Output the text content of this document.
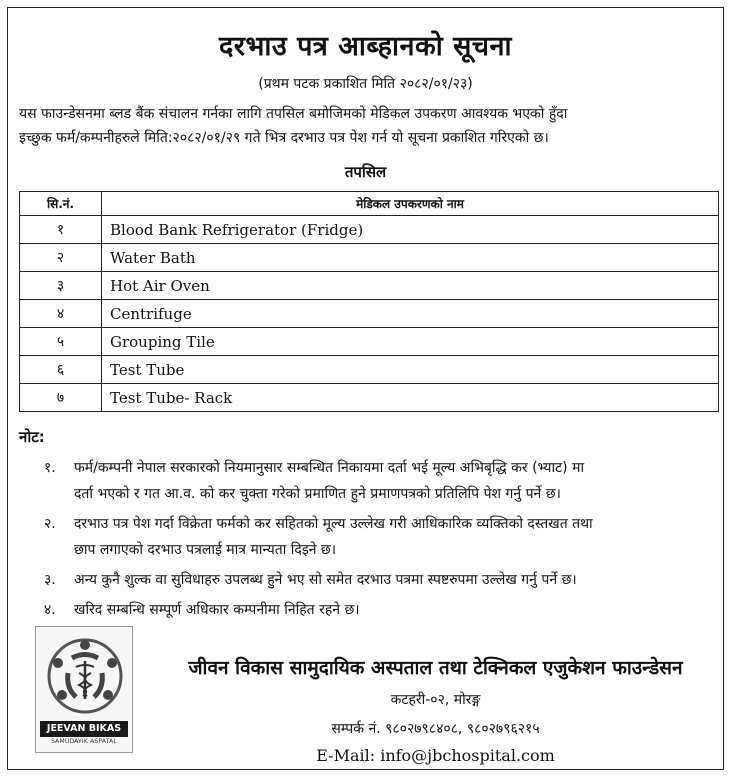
दरभाउ पत्र आब्हानको सूचना
(प्रथम पटक प्रकाशित मिति २०८२/०१/२३)
यस फाउन्डेसनमा ब्लड बैंक संचालन गर्नका लागि तपसिल बमोजिमको मेडिकल उपकरण आवश्यक भएको हुँदा
इच्छुक फर्म/कम्पनीहरुले मिति:२०८२/०१/२९ गते भित्र दरभाउ पत्र पेश गर्न यो सूचना प्रकाशित गरिएको छ।
तपसिल
सि.नं.	मेडिकल उपकरणको नाम
१	Blood Bank Refrigerator (Fridge)
२	Water Bath
३	Hot Air Oven
४	Centrifuge
५	Grouping Tile
६	Test Tube
७	Test Tube- Rack
नोट:
१.	फर्म/कम्पनी नेपाल सरकारको नियमानुसार सम्बन्धित निकायमा दर्ता भई मूल्य अभिबृद्धि कर (भ्याट) मा
दर्ता भएको र गत आ.व. को कर चुक्ता गरेको प्रमाणित हुने प्रमाणपत्रको प्रतिलिपि पेश गर्नु पर्ने छ।
२.	दरभाउ पत्र पेश गर्दा विक्रेता फर्मको कर सहितको मूल्य उल्लेख गरी आधिकारिक व्यक्तिको दस्तखत तथा
छाप लगाएको दरभाउ पत्रलाई मात्र मान्यता दिइने छ।
३.	अन्य कुनै शुल्क वा सुविधाहरु उपलब्ध हुने भए सो समेत दरभाउ पत्रमा स्पष्टरुपमा उल्लेख गर्नु पर्ने छ।
४.	खरिद सम्बन्धि सम्पूर्ण अधिकार कम्पनीमा निहित रहने छ।
JEEVAN BIKAS
SAMUDAYIK ASPATAL
जीवन विकास सामुदायिक अस्पताल तथा टेक्निकल एजुकेशन फाउन्डेसन
कटहरी-०२, मोरङ्ग
सम्पर्क नं. ९८०२७९८४०८, ९८०२७९६२१५
E-Mail: info@jbchospital.com
